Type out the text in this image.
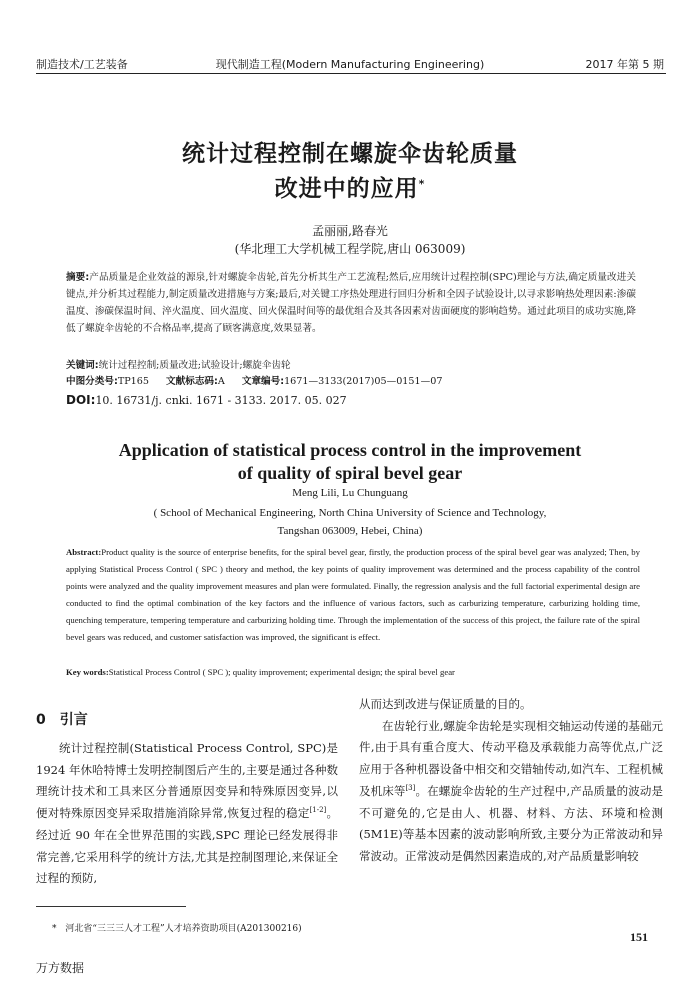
制造技术/工艺装备	现代制造工程(Modern Manufacturing Engineering)	2017 年第 5 期
统计过程控制在螺旋伞齿轮质量
改进中的应用*
孟丽丽,路春光
(华北理工大学机械工程学院,唐山 063009)
摘要:产品质量是企业效益的源泉,针对螺旋伞齿轮,首先分析其生产工艺流程;然后,应用统计过程控制(SPC)理论与方法,确定质量改进关键点,并分析其过程能力,制定质量改进措施与方案;最后,对关键工序热处理进行回归分析和全因子试验设计,以寻求影响热处理因素:渗碳温度、渗碳保温时间、淬火温度、回火温度、回火保温时间等的最优组合及其各因素对齿面硬度的影响趋势。通过此项目的成功实施,降低了螺旋伞齿轮的不合格品率,提高了顾客满意度,效果显著。
关键词:统计过程控制;质量改进;试验设计;螺旋伞齿轮
中图分类号:TP165 文献标志码:A 文章编号:1671—3133(2017)05—0151—07
DOI:10. 16731/j. cnki. 1671 - 3133. 2017. 05. 027
Application of statistical process control in the improvement
of quality of spiral bevel gear
Meng Lili, Lu Chunguang
( School of Mechanical Engineering, North China University of Science and Technology,
Tangshan 063009, Hebei, China)
Abstract:Product quality is the source of enterprise benefits, for the spiral bevel gear, firstly, the production process of the spiral bevel gear was analyzed; Then, by applying Statistical Process Control ( SPC ) theory and method, the key points of quality improvement was determined and the process capability of the control points were analyzed and the quality improvement measures and plan were formulated. Finally, the regression analysis and the full factorial experimental design are conducted to find the optimal combination of the key factors and the influence of various factors, such as carburizing temperature, carburizing holding time, quenching temperature, tempering temperature and carburizing holding time. Through the implementation of the success of this project, the failure rate of the spiral bevel gears was reduced, and customer satisfaction was improved, the significant is effect.
Key words:Statistical Process Control ( SPC ); quality improvement; experimental design; the spiral bevel gear
0 引言
统计过程控制(Statistical Process Control, SPC)是 1924 年休哈特博士发明控制图后产生的,主要是通过各种数理统计技术和工具来区分普通原因变异和特殊原因变异,以便对特殊原因变异采取措施消除异常,恢复过程的稳定[1-2]。经过近 90 年在全世界范围的实践,SPC 理论已经发展得非常完善,它采用科学的统计方法,尤其是控制图理论,来保证全过程的预防,
从而达到改进与保证质量的目的。
在齿轮行业,螺旋伞齿轮是实现相交轴运动传递的基础元件,由于具有重合度大、传动平稳及承载能力高等优点,广泛应用于各种机器设备中相交和交错轴传动,如汽车、工程机械及机床等[3]。在螺旋伞齿轮的生产过程中,产品质量的波动是不可避免的,它是由人、机器、材料、方法、环境和检测(5M1E)等基本因素的波动影响所致,主要分为正常波动和异常波动。正常波动是偶然因素造成的,对产品质量影响较
* 河北省“三三三人才工程”人才培养资助项目(A201300216)
151
万方数据
